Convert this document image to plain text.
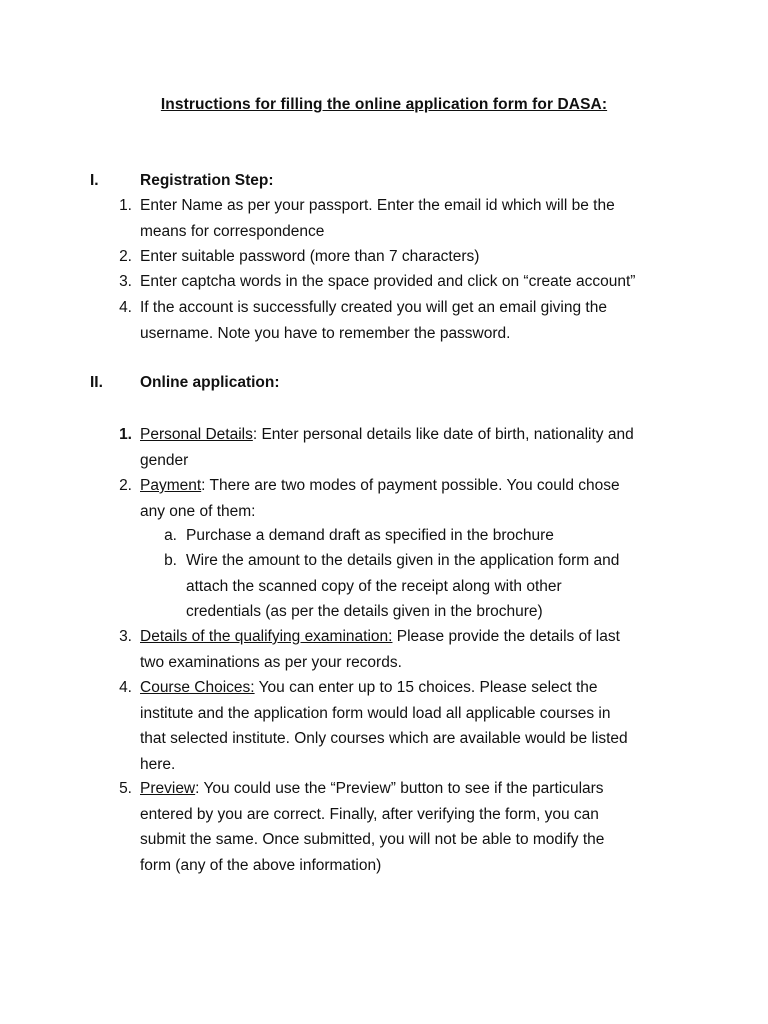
Instructions for filling the online application form for DASA:
I.	Registration Step:
1. Enter Name as per your passport. Enter the email id which will be the
means for correspondence
2. Enter suitable password (more than 7 characters)
3. Enter captcha words in the space provided and click on “create account”
4. If the account is successfully created you will get an email giving the
username. Note you have to remember the password.
II. Online application:
1. Personal Details: Enter personal details like date of birth, nationality and
gender
2. Payment: There are two modes of payment possible. You could chose
any one of them:
a. Purchase a demand draft as specified in the brochure
b. Wire the amount to the details given in the application form and
attach the scanned copy of the receipt along with other
credentials (as per the details given in the brochure)
3. Details of the qualifying examination: Please provide the details of last
two examinations as per your records.
4. Course Choices: You can enter up to 15 choices. Please select the
institute and the application form would load all applicable courses in
that selected institute. Only courses which are available would be listed
here.
5. Preview: You could use the “Preview” button to see if the particulars
entered by you are correct. Finally, after verifying the form, you can
submit the same. Once submitted, you will not be able to modify the
form (any of the above information)
